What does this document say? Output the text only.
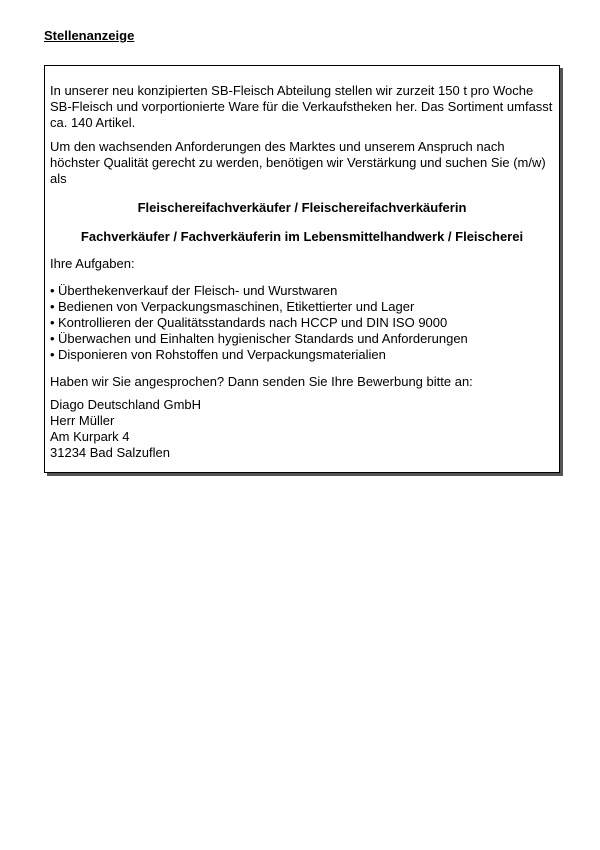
Stellenanzeige

In unserer neu konzipierten SB-Fleisch Abteilung stellen wir zurzeit 150 t pro Woche SB-Fleisch und vorportionierte Ware für die Verkaufstheken her. Das Sortiment umfasst ca. 140 Artikel.

Um den wachsenden Anforderungen des Marktes und unserem Anspruch nach höchster Qualität gerecht zu werden, benötigen wir Verstärkung und suchen Sie (m/w) als

Fleischereifachverkäufer / Fleischereifachverkäuferin

Fachverkäufer / Fachverkäuferin im Lebensmittelhandwerk / Fleischerei

Ihre Aufgaben:

• Überthekenverkauf der Fleisch- und Wurstwaren
• Bedienen von Verpackungsmaschinen, Etikettierter und Lager
• Kontrollieren der Qualitätsstandards nach HCCP und DIN ISO 9000
• Überwachen und Einhalten hygienischer Standards und Anforderungen
• Disponieren von Rohstoffen und Verpackungsmaterialien

Haben wir Sie angesprochen? Dann senden Sie Ihre Bewerbung bitte an:

Diago Deutschland GmbH

Herr Müller

Am Kurpark 4

31234 Bad Salzuflen
